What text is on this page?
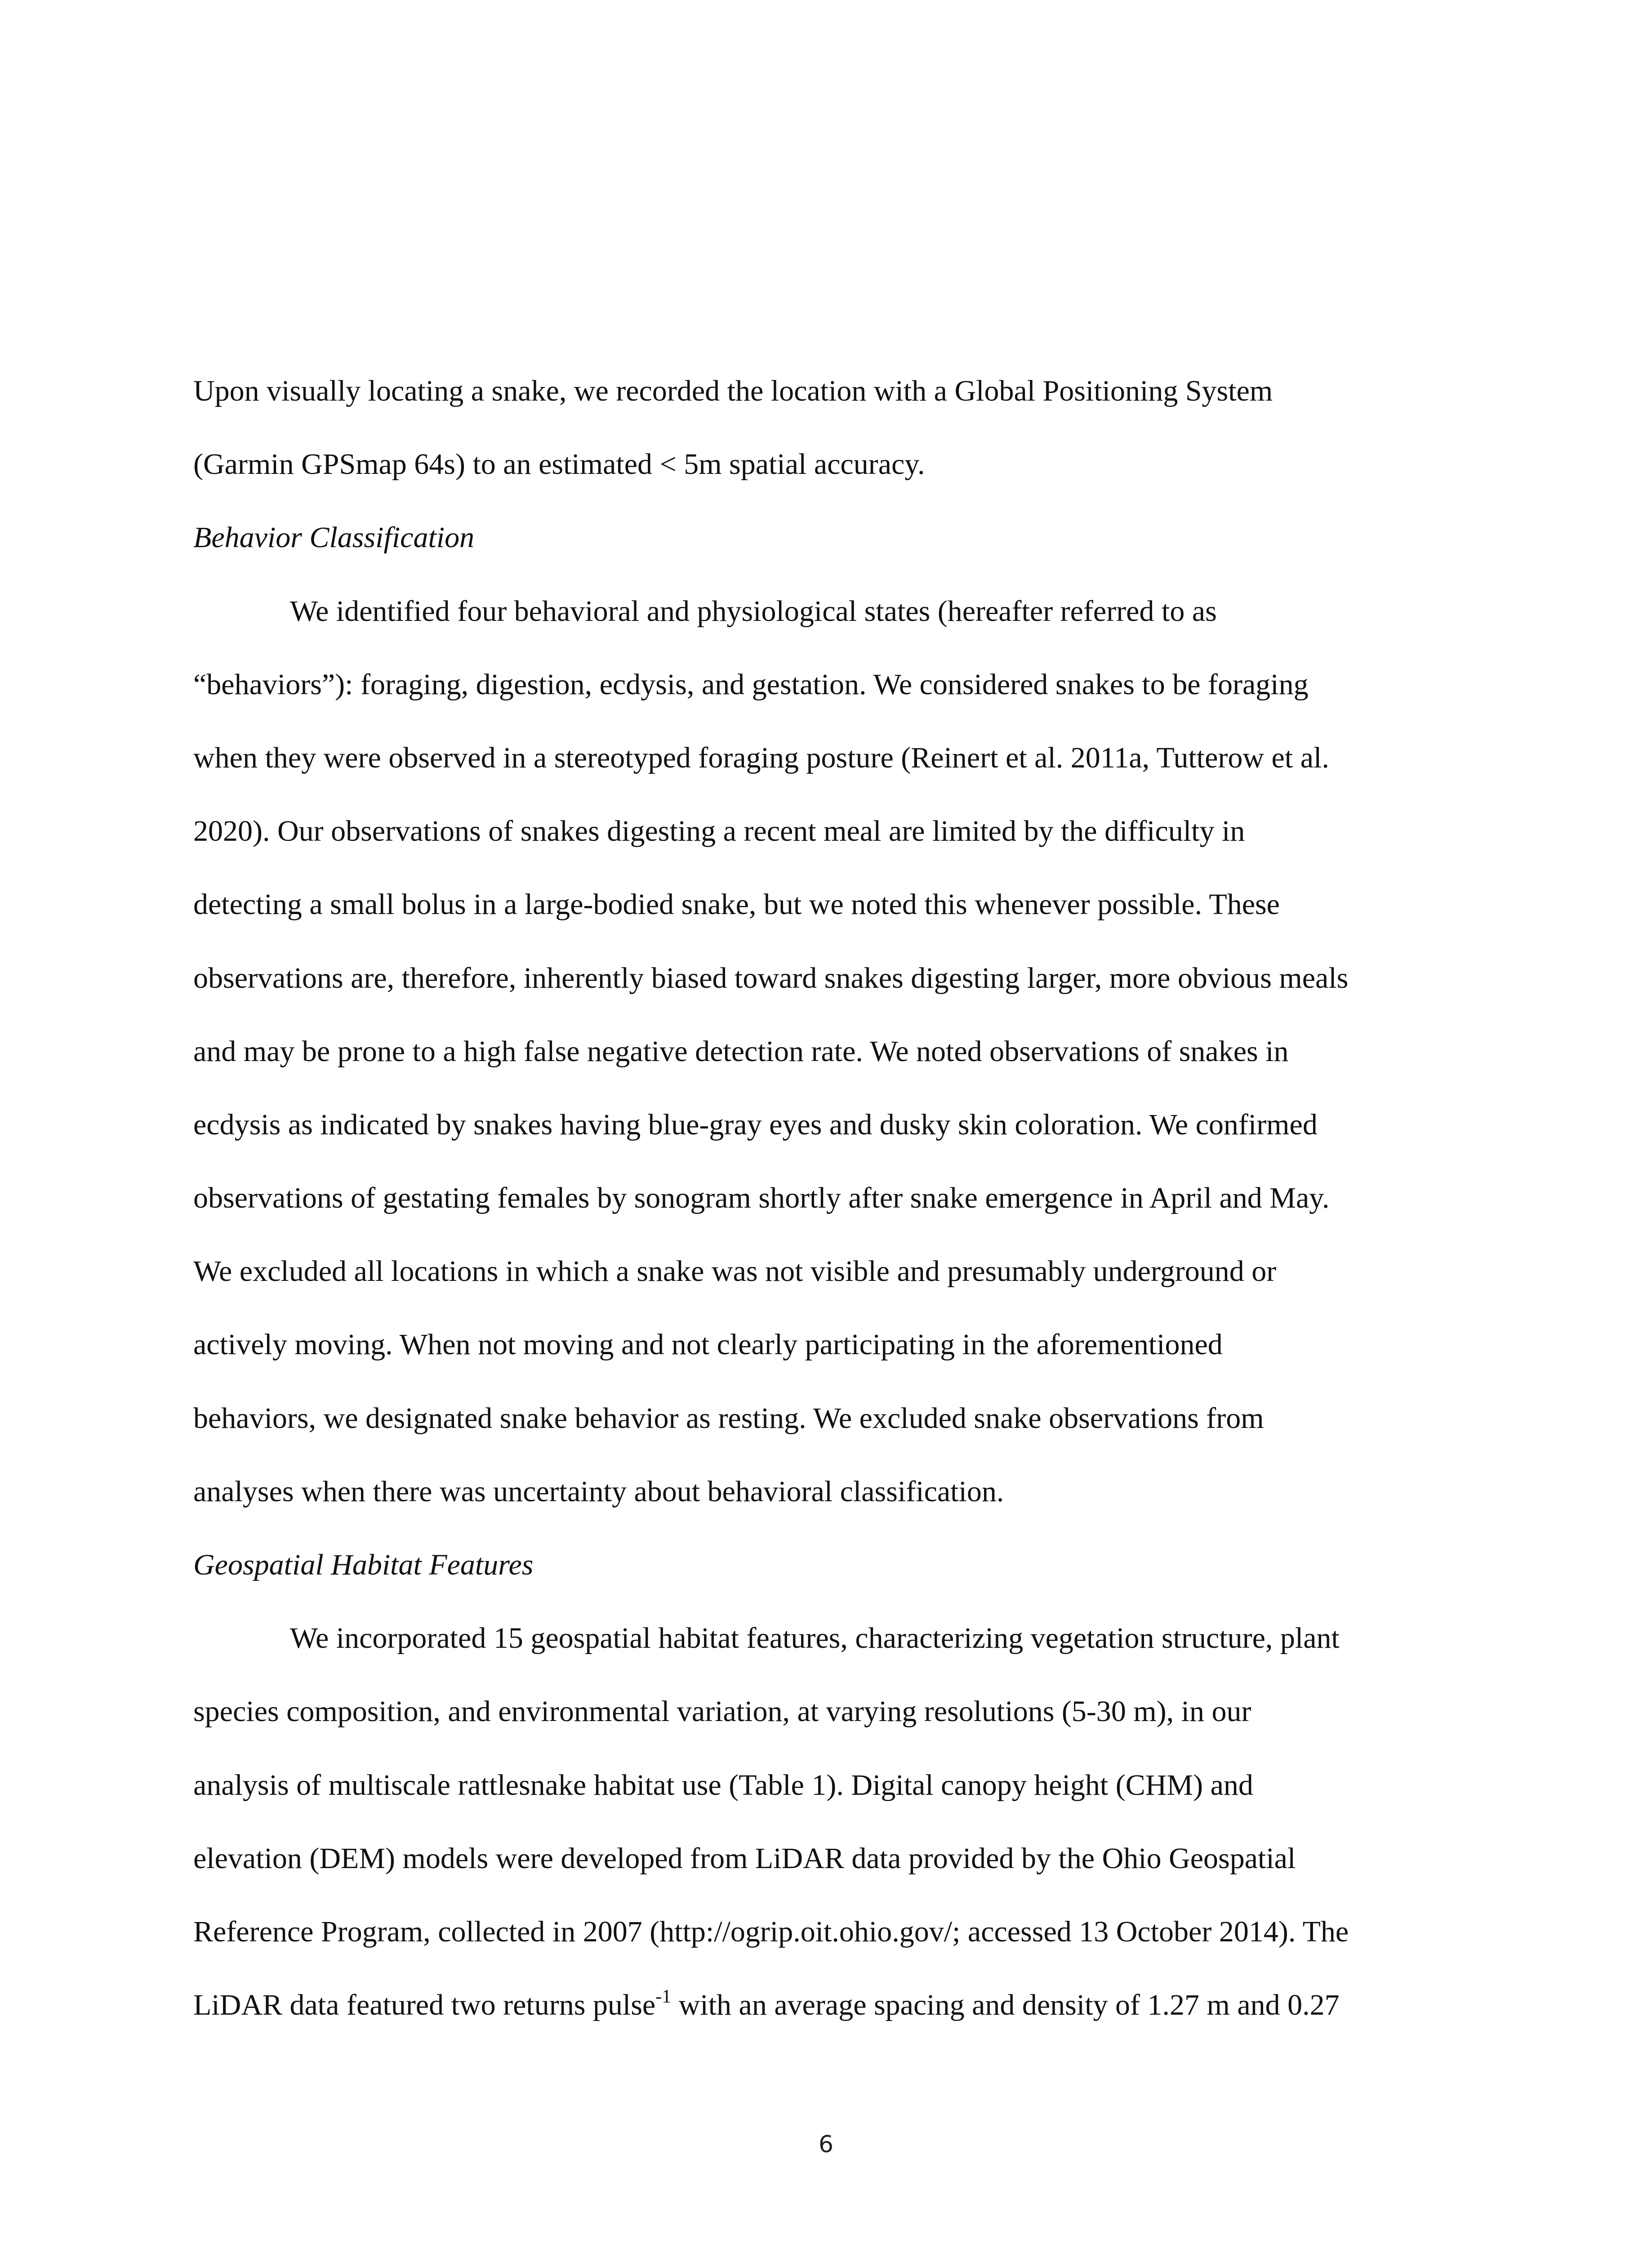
Upon visually locating a snake, we recorded the location with a Global Positioning System
(Garmin GPSmap 64s) to an estimated < 5m spatial accuracy.
Behavior Classification
We identified four behavioral and physiological states (hereafter referred to as
“behaviors”): foraging, digestion, ecdysis, and gestation. We considered snakes to be foraging
when they were observed in a stereotyped foraging posture (Reinert et al. 2011a, Tutterow et al.
2020). Our observations of snakes digesting a recent meal are limited by the difficulty in
detecting a small bolus in a large-bodied snake, but we noted this whenever possible. These
observations are, therefore, inherently biased toward snakes digesting larger, more obvious meals
and may be prone to a high false negative detection rate. We noted observations of snakes in
ecdysis as indicated by snakes having blue-gray eyes and dusky skin coloration. We confirmed
observations of gestating females by sonogram shortly after snake emergence in April and May.
We excluded all locations in which a snake was not visible and presumably underground or
actively moving. When not moving and not clearly participating in the aforementioned
behaviors, we designated snake behavior as resting. We excluded snake observations from
analyses when there was uncertainty about behavioral classification.
Geospatial Habitat Features
We incorporated 15 geospatial habitat features, characterizing vegetation structure, plant
species composition, and environmental variation, at varying resolutions (5-30 m), in our
analysis of multiscale rattlesnake habitat use (Table 1). Digital canopy height (CHM) and
elevation (DEM) models were developed from LiDAR data provided by the Ohio Geospatial
Reference Program, collected in 2007 (http://ogrip.oit.ohio.gov/; accessed 13 October 2014). The
LiDAR data featured two returns pulse$^{-1}$ with an average spacing and density of 1.27 m and 0.27
6
